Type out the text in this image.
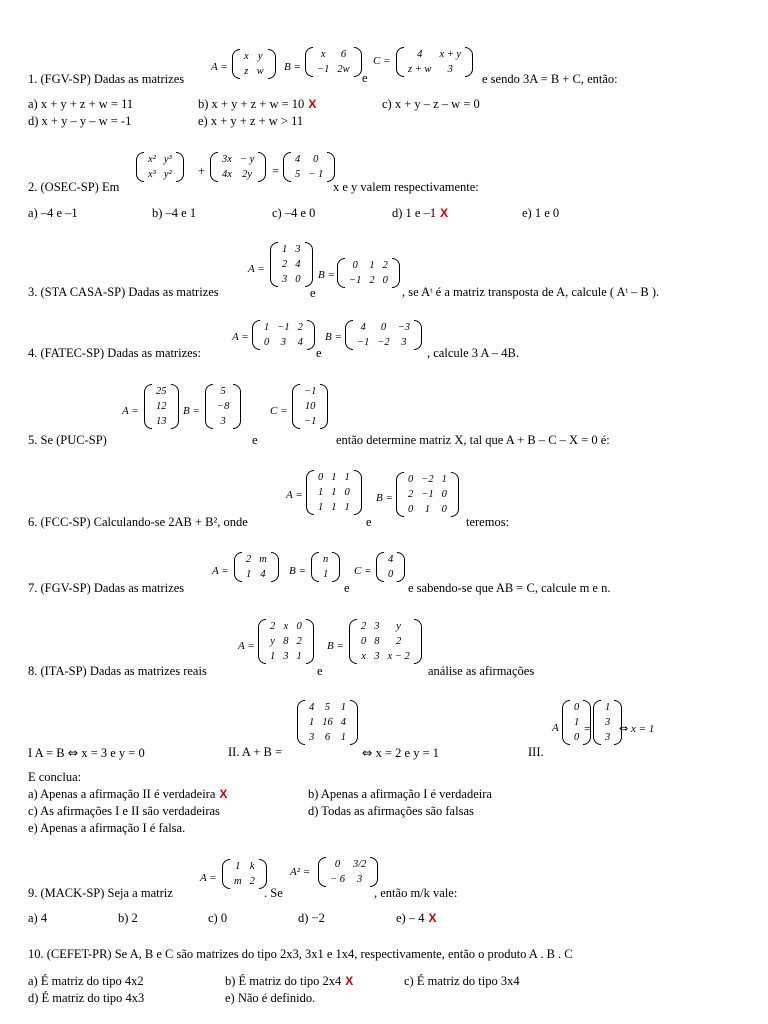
A =
x	y
z	w B =
x	6
−1	2w
e
C =
4	x + y
z + w	3
1. (FGV-SP) Dadas as matrizes	e sendo 3A = B + C, então:
a) x + y + z + w = 11	b) x + y + z + w = 10 X	c) x + y – z – w = 0
d) x + y – y – w = -1	e) x + y + z + w > 11
2. (OSEC-SP) Em
x²	y³
x³	y² +
3x	− y
4x	2y =
4	0
5	− 1
x e y valem respectivamente:
a) –4 e –1	b) –4 e 1	c) –4 e 0	d) 1 e –1 X	e) 1 e 0
A =
1	3
2	4
3	0
e
B =
0	1	2
−1	2	0
3. (STA CASA-SP) Dadas as matrizes	, se Aᵗ é a matriz transposta de A, calcule ( Aᵗ – B ).
A =
1	−1	2
0	3	4
e
B =
4	0	−3
−1	−2	3
4. (FATEC-SP) Dadas as matrizes:	, calcule 3 A – 4B.
A =
25
12
13
B =
5
−8
3
e
C =
−1
10
−1
5. Se (PUC-SP)	então determine matriz X, tal que A + B – C – X = 0 é:
A =
0	1	1
1	1	0
1	1	1
e
B =
0	−2	1
2	−1	0
0	1	0
6. (FCC-SP) Calculando-se 2AB + B², onde	teremos:
A =
2	m
1	4 B =
n
1
e
C =
4
0
7. (FGV-SP) Dadas as matrizes	e sabendo-se que AB = C, calcule m e n.
A =
2	x	0
y	8	2
1	3	1
e
B =
2	3	y
0	8	2
x	3	x − 2
8. (ITA-SP) Dadas as matrizes reais	análise as afirmações
I A = B ⇔ x = 3 e y = 0	II. A + B =
4	5	1
1	16	4
3	6	1
⇔ x = 2 e y = 1	III.
A
0
1
0
=
1
3
3
⇔ x = 1
E conclua:
a) Apenas a afirmação II é verdadeira X	b) Apenas a afirmação I é verdadeira
c) As afirmações I e II são verdadeiras	d) Todas as afirmações são falsas
e) Apenas a afirmação I é falsa.
A =
1	k
m	2
. Se
A² =
0	3/2
− 6	3
9. (MACK-SP) Seja a matriz	, então m/k vale:
a) 4	b) 2	c) 0	d) −2	e) – 4 X
10. (CEFET-PR) Se A, B e C são matrizes do tipo 2x3, 3x1 e 1x4, respectivamente, então o produto A . B . C
a) É matriz do tipo 4x2	b) É matriz do tipo 2x4 X	c) É matriz do tipo 3x4
d) É matriz do tipo 4x3	e) Não é definido.
